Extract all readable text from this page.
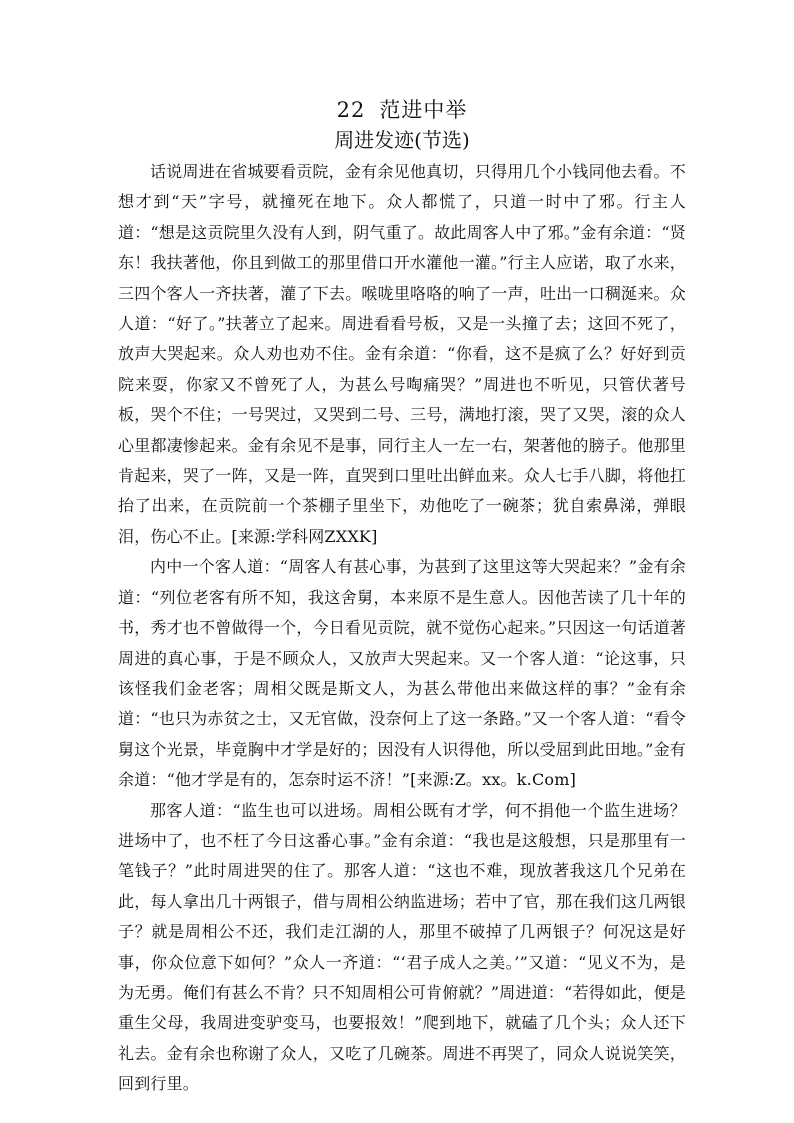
22 范进中举
周进发迹(节选)

话说周进在省城要看贡院，金有余见他真切，只得用几个小钱同他去看。不想才到“天”字号，就撞死在地下。众人都慌了，只道一时中了邪。行主人道：“想是这贡院里久没有人到，阴气重了。故此周客人中了邪。”金有余道：“贤东！我扶著他，你且到做工的那里借口开水灌他一灌。”行主人应诺，取了水来，三四个客人一齐扶著，灌了下去。喉咙里咯咯的响了一声，吐出一口稠涎来。众人道：“好了。”扶著立了起来。周进看看号板，又是一头撞了去；这回不死了，放声大哭起来。众人劝也劝不住。金有余道：“你看，这不是疯了么？好好到贡院来耍，你家又不曾死了人，为甚么号啕痛哭？”周进也不听见，只管伏著号板，哭个不住；一号哭过，又哭到二号、三号，满地打滚，哭了又哭，滚的众人心里都凄惨起来。金有余见不是事，同行主人一左一右，架著他的膀子。他那里肯起来，哭了一阵，又是一阵，直哭到口里吐出鲜血来。众人七手八脚，将他扛抬了出来，在贡院前一个茶棚子里坐下，劝他吃了一碗茶；犹自索鼻涕，弹眼泪，伤心不止。[来源:学科网ZXXK]

内中一个客人道：“周客人有甚心事，为甚到了这里这等大哭起来？”金有余道：“列位老客有所不知，我这舍舅，本来原不是生意人。因他苦读了几十年的书，秀才也不曾做得一个，今日看见贡院，就不觉伤心起来。”只因这一句话道著周进的真心事，于是不顾众人，又放声大哭起来。又一个客人道：“论这事，只该怪我们金老客；周相父既是斯文人，为甚么带他出来做这样的事？”金有余道：“也只为赤贫之士，又无官做，没奈何上了这一条路。”又一个客人道：“看令舅这个光景，毕竟胸中才学是好的；因没有人识得他，所以受屈到此田地。”金有余道：“他才学是有的，怎奈时运不济！”[来源:Z。xx。k.Com]

那客人道：“监生也可以进场。周相公既有才学，何不捐他一个监生进场？进场中了，也不枉了今日这番心事。”金有余道：“我也是这般想，只是那里有一笔钱子？”此时周进哭的住了。那客人道：“这也不难，现放著我这几个兄弟在此，每人拿出几十两银子，借与周相公纳监进场；若中了官，那在我们这几两银子？就是周相公不还，我们走江湖的人，那里不破掉了几两银子？何况这是好事，你众位意下如何？”众人一齐道：“‘君子成人之美。’”又道：“见义不为，是为无勇。俺们有甚么不肯？只不知周相公可肯俯就？”周进道：“若得如此，便是重生父母，我周进变驴变马，也要报效！”爬到地下，就磕了几个头；众人还下礼去。金有余也称谢了众人，又吃了几碗茶。周进不再哭了，同众人说说笑笑，回到行里。
